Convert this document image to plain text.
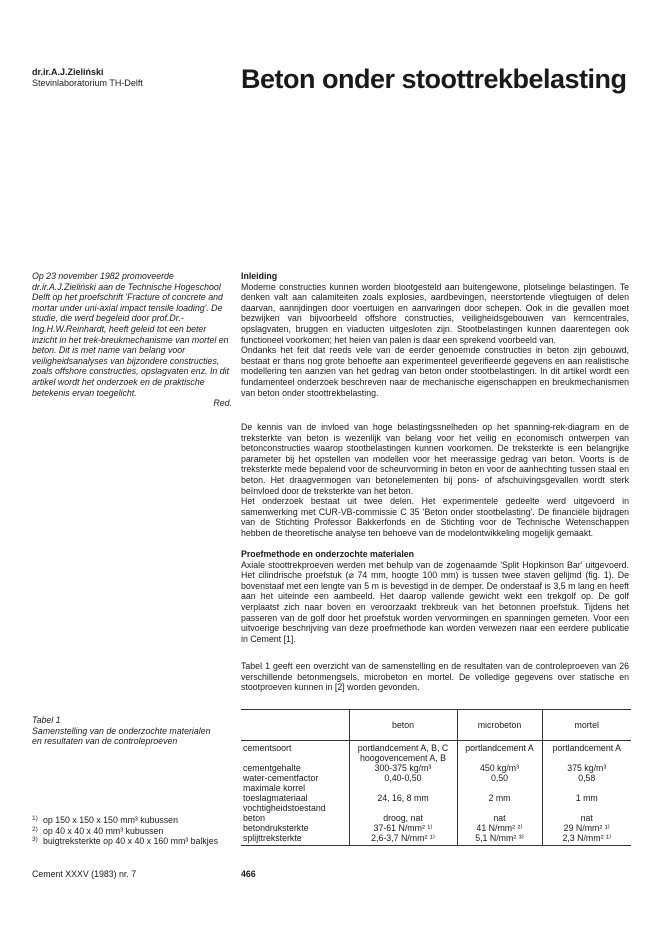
dr.ir.A.J.Zieliński
Stevinlaboratorium TH-Delft	Beton onder stoottrekbelasting
Op 23 november 1982 promoveerde dr.ir.A.J.Zieliński aan de Technische Hogeschool Delft op het proefschrift 'Fracture of concrete and mortar under uni-axial impact tensile loading'. De studie, die werd begeleid door prof.Dr.-Ing.H.W.Reinhardt, heeft geleid tot een beter inzicht in het trek-breukmechanisme van mortel en beton. Dit is met name van belang voor veiligheidsanalyses van bijzondere constructies, zoals offshore constructies, opslagvaten enz. In dit artikel wordt het onderzoek en de praktische betekenis ervan toegelicht.
Red.
Inleiding

Moderne constructies kunnen worden blootgesteld aan buitengewone, plotselinge belastingen. Te denken valt aan calamiteiten zoals explosies, aardbevingen, neerstortende vliegtuigen of delen daarvan, aanrijdingen door voertuigen en aanvaringen door schepen. Ook in die gevallen moet bezwijken van bijvoorbeeld offshore constructies, veiligheidsgebouwen van kerncentrales, opslagvaten, bruggen en viaducten uitgesloten zijn. Stootbelastingen kunnen daarentegen ook functioneel voorkomen; het heien van palen is daar een sprekend voorbeeld van.

Ondanks het feit dat reeds vele van de eerder genoemde constructies in beton zijn gebouwd, bestaat er thans nog grote behoefte aan experimenteel geverifieerde gegevens en aan realistische modellering ten aanzien van het gedrag van beton onder stootbelastingen. In dit artikel wordt een fundamenteel onderzoek beschreven naar de mechanische eigenschappen en breukmechanismen van beton onder stoottrekbelasting.

De kennis van de invloed van hoge belastingssnelheden op het spanning-rek-diagram en de treksterkte van beton is wezenlijk van belang voor het veilig en economisch ontwerpen van betonconstructies waarop stootbelastingen kunnen voorkomen. De treksterkte is een belangrijke parameter bij het opstellen van modellen voor het meerassige gedrag van beton. Voorts is de treksterkte mede bepalend voor de scheurvorming in beton en voor de aanhechting tussen staal en beton. Het draagvermogen van betonelementen bij pons- of afschuivingsgevallen wordt sterk beïnvloed door de treksterkte van het beton.

Het onderzoek bestaat uit twee delen. Het experimentele gedeelte werd uitgevoerd in samenwerking met CUR-VB-commissie C 35 'Beton onder stootbelasting'. De financiële bijdragen van de Stichting Professor Bakkerfonds en de Stichting voor de Technische Wetenschappen hebben de theoretische analyse ten behoeve van de modelontwikkeling mogelijk gemaakt.

Proefmethode en onderzochte materialen

Axiale stoottrekproeven werden met behulp van de zogenaamde 'Split Hopkinson Bar' uitgevoerd. Het cilindrische proefstuk (⌀ 74 mm, hoogte 100 mm) is tussen twee staven gelijmd (fig. 1). De bovenstaaf met een lengte van 5 m is bevestigd in de demper. De onderstaaf is 3,5 m lang en heeft aan het uiteinde een aambeeld. Het daarop vallende gewicht wekt een trekgolf op. De golf verplaatst zich naar boven en veroorzaakt trekbreuk van het betonnen proefstuk. Tijdens het passeren van de golf door het proefstuk worden vervormingen en spanningen gemeten. Voor een uitvoerige beschrijving van deze proefmethode kan worden verwezen naar een eerdere publicatie in Cement [1].

Tabel 1 geeft een overzicht van de samenstelling en de resultaten van de controleproeven van 26 verschillende betonmengsels, microbeton en mortel. De volledige gegevens over statische en stootproeven kunnen in [2] worden gevonden.

Tabel 1
Samenstelling van de onderzochte materialen en resultaten van de controleproeven
1) op 150 x 150 x 150 mm³ kubussen
2) op 40 x 40 x 40 mm³ kubussen
3) buigtreksterkte op 40 x 40 x 160 mm³ balkjes
	beton	microbeton	mortel
cementsoort	portlandcement A, B, C hoogovencement A, B	portlandcement A	portlandcement A
cementgehalte	300-375 kg/m³	450 kg/m³	375 kg/m³
water-cementfactor	0,40-0,50	0,50	0,58
maximale korrel toeslagmateriaal	24, 16, 8 mm	2 mm	1 mm
vochtigheidstoestand beton	droog, nat	nat	nat
betondruksterkte	37-61 N/mm² ¹⁾	41 N/mm² ²⁾	29 N/mm² ¹⁾
splijttreksterkte	2,6-3,7 N/mm² ¹⁾	5,1 N/mm² ³⁾	2,3 N/mm² ¹⁾
Cement XXXV (1983) nr. 7	466
